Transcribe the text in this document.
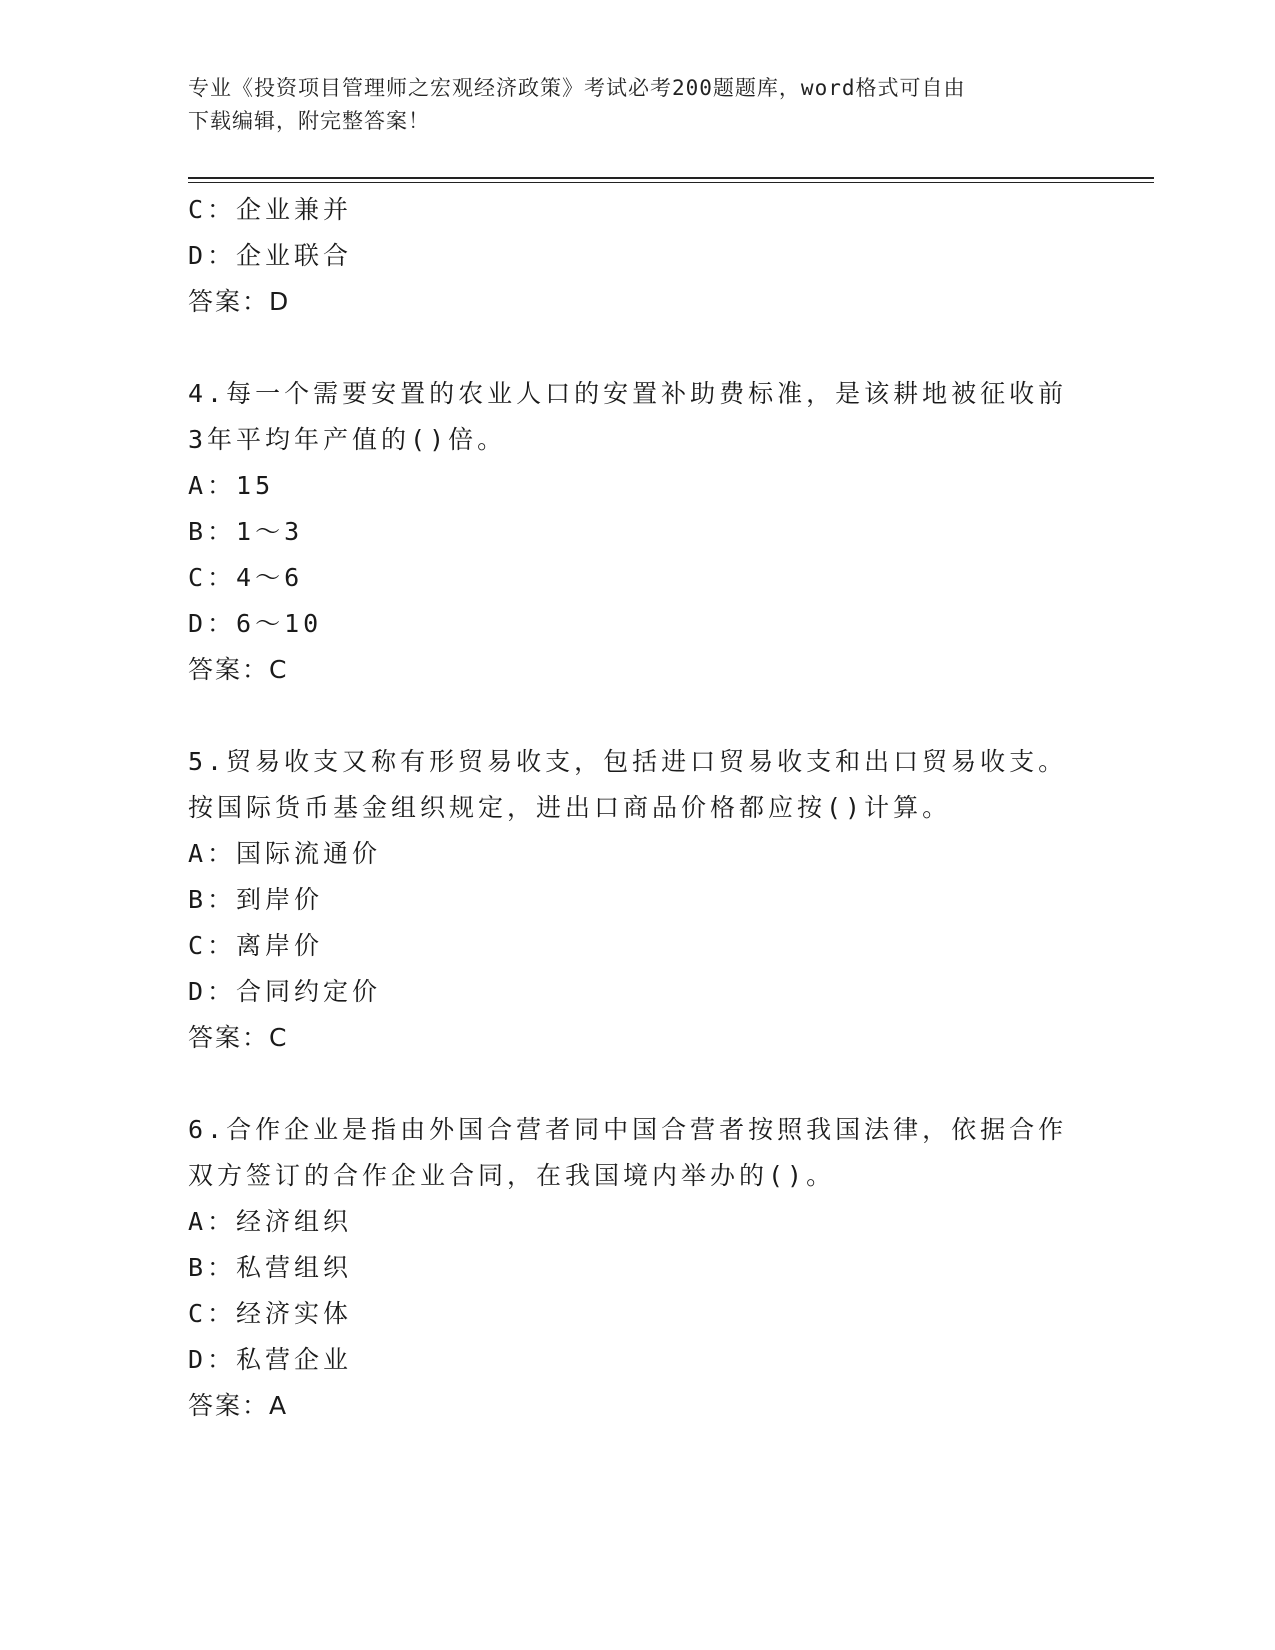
专业《投资项目管理师之宏观经济政策》考试必考200题题库，word格式可自由
下载编辑，附完整答案！
C：企业兼并
D：企业联合
答案：D
4.每一个需要安置的农业人口的安置补助费标准，是该耕地被征收前
3年平均年产值的()倍。
A：15
B：1～3
C：4～6
D：6～10
答案：C
5.贸易收支又称有形贸易收支，包括进口贸易收支和出口贸易收支。
按国际货币基金组织规定，进出口商品价格都应按()计算。
A：国际流通价
B：到岸价
C：离岸价
D：合同约定价
答案：C
6.合作企业是指由外国合营者同中国合营者按照我国法律，依据合作
双方签订的合作企业合同，在我国境内举办的()。
A：经济组织
B：私营组织
C：经济实体
D：私营企业
答案：A
